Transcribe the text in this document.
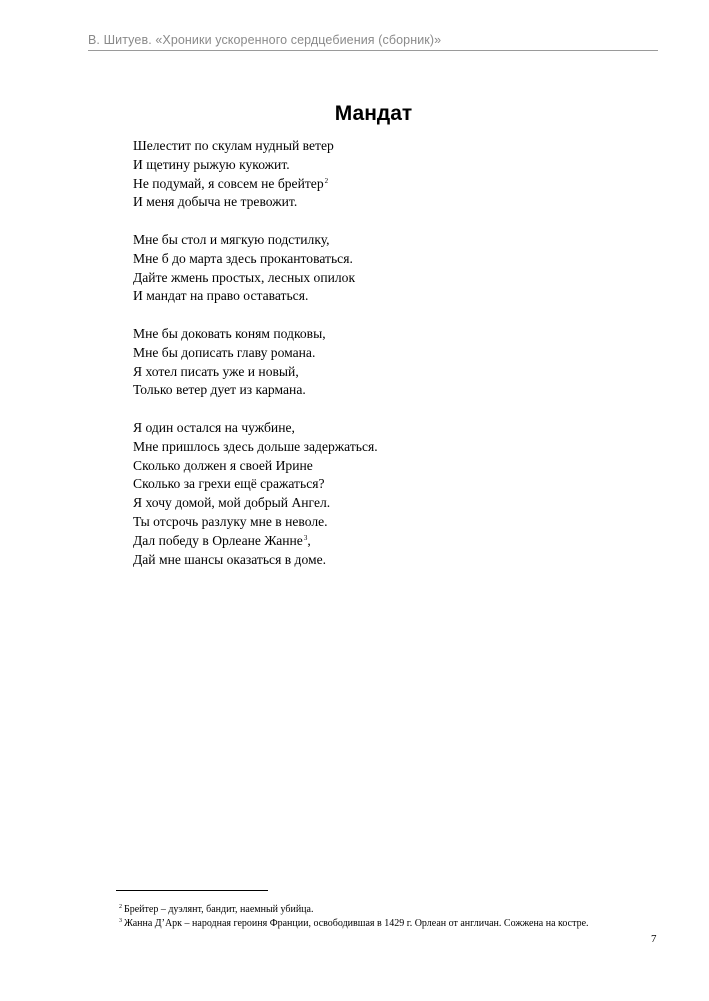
В. Шитуев. «Хроники ускоренного сердцебиения (сборник)»
Мандат
Шелестит по скулам нудный ветер
И щетину рыжую кукожит.
Не подумай, я совсем не брейтер$^2$
И меня добыча не тревожит.
Мне бы стол и мягкую подстилку,
Мне б до марта здесь прокантоваться.
Дайте жмень простых, лесных опилок
И мандат на право оставаться.
Мне бы доковать коням подковы,
Мне бы дописать главу романа.
Я хотел писать уже и новый,
Только ветер дует из кармана.
Я один остался на чужбине,
Мне пришлось здесь дольше задержаться.
Сколько должен я своей Ирине
Сколько за грехи ещё сражаться?
Я хочу домой, мой добрый Ангел.
Ты отсрочь разлуку мне в неволе.
Дал победу в Орлеане Жанне$^3$,
Дай мне шансы оказаться в доме.
$^2$ Брейтер – дуэлянт, бандит, наемный убийца.
$^3$ Жанна Д’Арк – народная героиня Франции, освободившая в 1429 г. Орлеан от англичан. Сожжена на костре.
7
